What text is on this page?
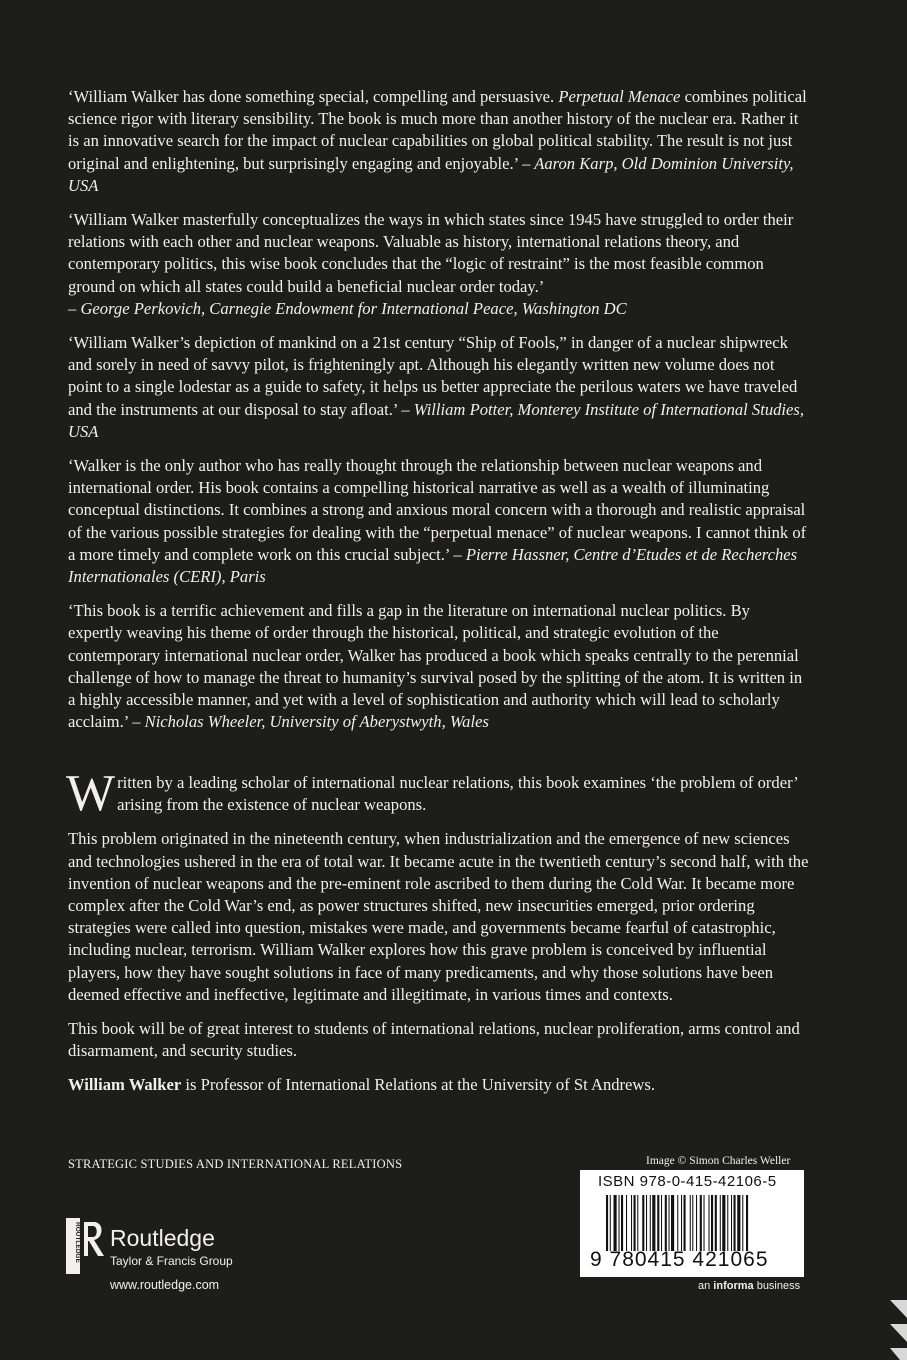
‘William Walker has done something special, compelling and persuasive. Perpetual Menace combines political science rigor with literary sensibility. The book is much more than another history of the nuclear era. Rather it is an innovative search for the impact of nuclear capabilities on global political stability. The result is not just original and enlightening, but surprisingly engaging and enjoyable.’ – Aaron Karp, Old Dominion University, USA

‘William Walker masterfully conceptualizes the ways in which states since 1945 have struggled to order their relations with each other and nuclear weapons. Valuable as history, international relations theory, and contemporary politics, this wise book concludes that the “logic of restraint” is the most feasible common ground on which all states could build a beneficial nuclear order today.’
– George Perkovich, Carnegie Endowment for International Peace, Washington DC

‘William Walker’s depiction of mankind on a 21st century “Ship of Fools,” in danger of a nuclear shipwreck and sorely in need of savvy pilot, is frighteningly apt. Although his elegantly written new volume does not point to a single lodestar as a guide to safety, it helps us better appreciate the perilous waters we have traveled and the instruments at our disposal to stay afloat.’ – William Potter, Monterey Institute of International Studies, USA

‘Walker is the only author who has really thought through the relationship between nuclear weapons and international order. His book contains a compelling historical narrative as well as a wealth of illuminating conceptual distinctions. It combines a strong and anxious moral concern with a thorough and realistic appraisal of the various possible strategies for dealing with the “perpetual menace” of nuclear weapons. I cannot think of a more timely and complete work on this crucial subject.’ – Pierre Hassner, Centre d’Etudes et de Recherches Internationales (CERI), Paris

‘This book is a terrific achievement and fills a gap in the literature on international nuclear politics. By expertly weaving his theme of order through the historical, political, and strategic evolution of the contemporary international nuclear order, Walker has produced a book which speaks centrally to the perennial challenge of how to manage the threat to humanity’s survival posed by the splitting of the atom. It is written in a highly accessible manner, and yet with a level of sophistication and authority which will lead to scholarly acclaim.’ – Nicholas Wheeler, University of Aberystwyth, Wales

Written by a leading scholar of international nuclear relations, this book examines ‘the problem of order’ arising from the existence of nuclear weapons.

This problem originated in the nineteenth century, when industrialization and the emergence of new sciences and technologies ushered in the era of total war. It became acute in the twentieth century’s second half, with the invention of nuclear weapons and the pre-eminent role ascribed to them during the Cold War. It became more complex after the Cold War’s end, as power structures shifted, new insecurities emerged, prior ordering strategies were called into question, mistakes were made, and governments became fearful of catastrophic, including nuclear, terrorism. William Walker explores how this grave problem is conceived by influential players, how they have sought solutions in face of many predicaments, and why those solutions have been deemed effective and ineffective, legitimate and illegitimate, in various times and contexts.

This book will be of great interest to students of international relations, nuclear proliferation, arms control and disarmament, and security studies.

William Walker is Professor of International Relations at the University of St Andrews.

STRATEGIC STUDIES AND INTERNATIONAL RELATIONS	Image © Simon Charles Weller
ISBN 978-0-415-42106-5
9 780415 421065
an informa business
ROUTLEDGE Routledge
Taylor & Francis Group
www.routledge.com
